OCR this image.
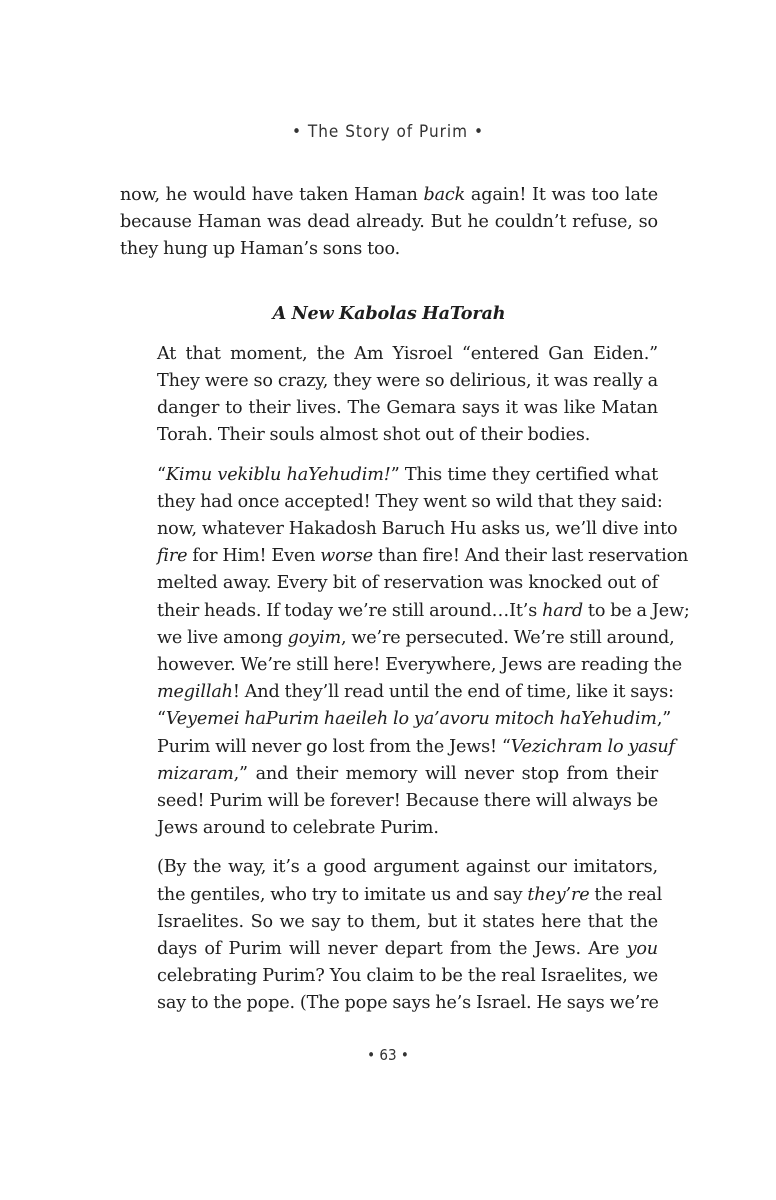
• The Story of Purim •

now, he would have taken Haman back again! It was too late
because Haman was dead already. But he couldn’t refuse, so
they hung up Haman’s sons too.

A New Kabolas HaTorah

At that moment, the Am Yisroel “entered Gan Eiden.”
They were so crazy, they were so delirious, it was really a
danger to their lives. The Gemara says it was like Matan
Torah. Their souls almost shot out of their bodies.

“Kimu vekiblu haYehudim!” This time they certified what
they had once accepted! They went so wild that they said:
now, whatever Hakadosh Baruch Hu asks us, we’ll dive into
fire for Him! Even worse than fire! And their last reservation
melted away. Every bit of reservation was knocked out of
their heads. If today we’re still around…It’s hard to be a Jew;
we live among goyim, we’re persecuted. We’re still around,
however. We’re still here! Everywhere, Jews are reading the
megillah! And they’ll read until the end of time, like it says:
“Veyemei haPurim haeileh lo ya’avoru mitoch haYehudim,”
Purim will never go lost from the Jews! “Vezichram lo yasuf
mizaram,” and their memory will never stop from their
seed! Purim will be forever! Because there will always be
Jews around to celebrate Purim.

(By the way, it’s a good argument against our imitators,
the gentiles, who try to imitate us and say they’re the real
Israelites. So we say to them, but it states here that the
days of Purim will never depart from the Jews. Are you
celebrating Purim? You claim to be the real Israelites, we
say to the pope. (The pope says he’s Israel. He says we’re

• 63 •
